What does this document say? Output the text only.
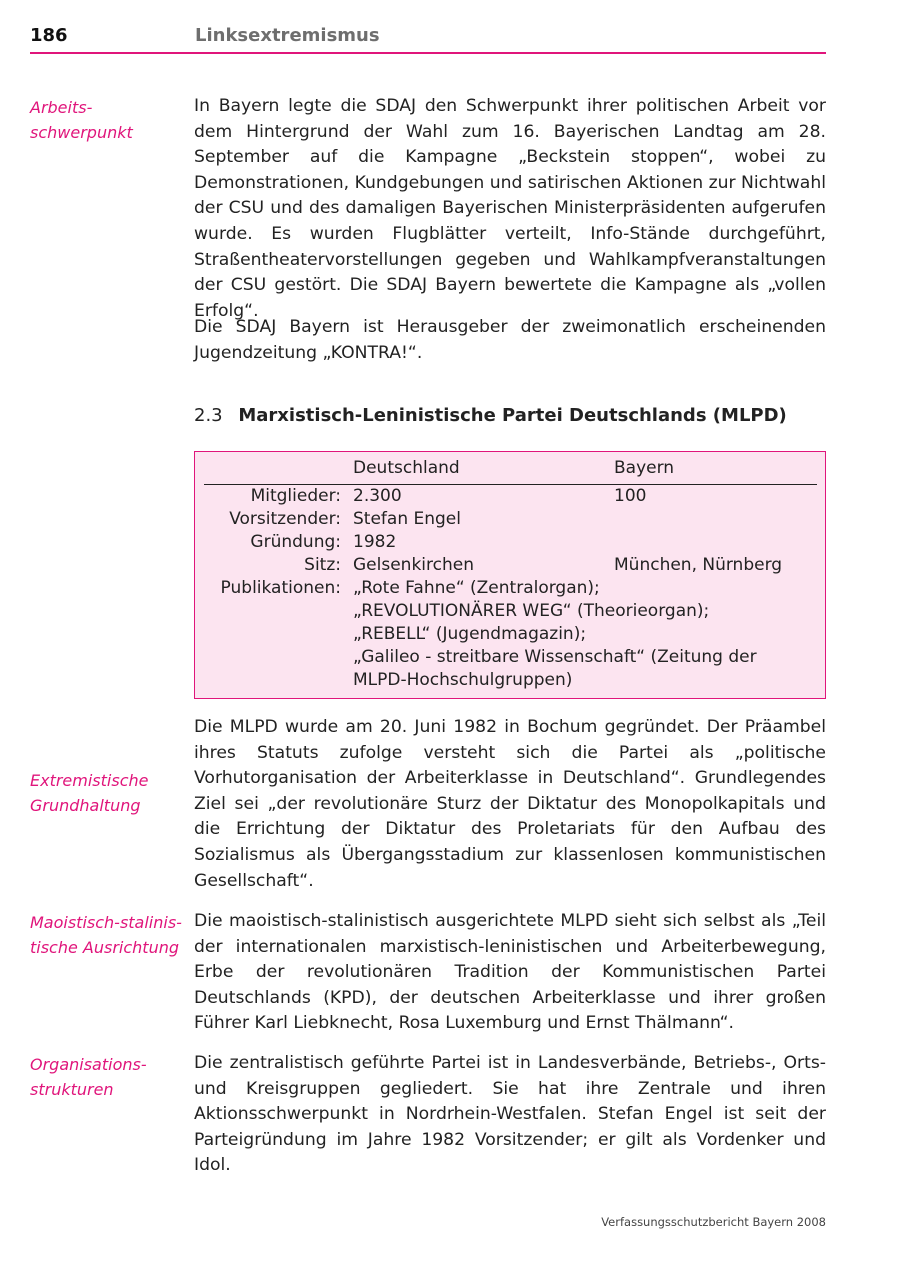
186	Linksextremismus
Arbeits-
schwerpunkt
Extremistische
Grundhaltung
Maoistisch-stalinis-
tische Ausrichtung
Organisations-
strukturen

In Bayern legte die SDAJ den Schwerpunkt ihrer politischen Arbeit vor dem Hintergrund der Wahl zum 16. Bayerischen Landtag am 28. September auf die Kampagne „Beckstein stoppen“, wobei zu Demonstrationen, Kundgebungen und satirischen Aktionen zur Nichtwahl der CSU und des damaligen Bayerischen Ministerpräsidenten aufgerufen wurde. Es wurden Flugblätter verteilt, Info-Stände durchgeführt, Straßentheatervorstellungen gegeben und Wahlkampfveranstaltungen der CSU gestört. Die SDAJ Bayern bewertete die Kampagne als „vollen Erfolg“.

Die SDAJ Bayern ist Herausgeber der zweimonatlich erscheinenden Jugendzeitung „KONTRA!“.

2.3 Marxistisch-Leninistische Partei Deutschlands (MLPD)
Deutschland	Bayern
Mitglieder: 2.300	100
Vorsitzender: Stefan Engel
Gründung: 1982
Sitz: Gelsenkirchen	München, Nürnberg
Publikationen: „Rote Fahne“ (Zentralorgan);
„REVOLUTIONÄRER WEG“ (Theorieorgan);
„REBELL“ (Jugendmagazin);
„Galileo - streitbare Wissenschaft“ (Zeitung der
MLPD-Hochschulgruppen)

Die MLPD wurde am 20. Juni 1982 in Bochum gegründet. Der Präambel ihres Statuts zufolge versteht sich die Partei als „politische Vorhutorganisation der Arbeiterklasse in Deutschland“. Grundlegendes Ziel sei „der revolutionäre Sturz der Diktatur des Monopolkapitals und die Errichtung der Diktatur des Proletariats für den Aufbau des Sozialismus als Übergangsstadium zur klassenlosen kommunistischen Gesellschaft“.

Die maoistisch-stalinistisch ausgerichtete MLPD sieht sich selbst als „Teil der internationalen marxistisch-leninistischen und Arbeiterbewegung, Erbe der revolutionären Tradition der Kommunistischen Partei Deutschlands (KPD), der deutschen Arbeiterklasse und ihrer großen Führer Karl Liebknecht, Rosa Luxemburg und Ernst Thälmann“.

Die zentralistisch geführte Partei ist in Landesverbände, Betriebs-, Orts- und Kreisgruppen gegliedert. Sie hat ihre Zentrale und ihren Aktionsschwerpunkt in Nordrhein-Westfalen. Stefan Engel ist seit der Parteigründung im Jahre 1982 Vorsitzender; er gilt als Vordenker und Idol.

Verfassungsschutzbericht Bayern 2008
